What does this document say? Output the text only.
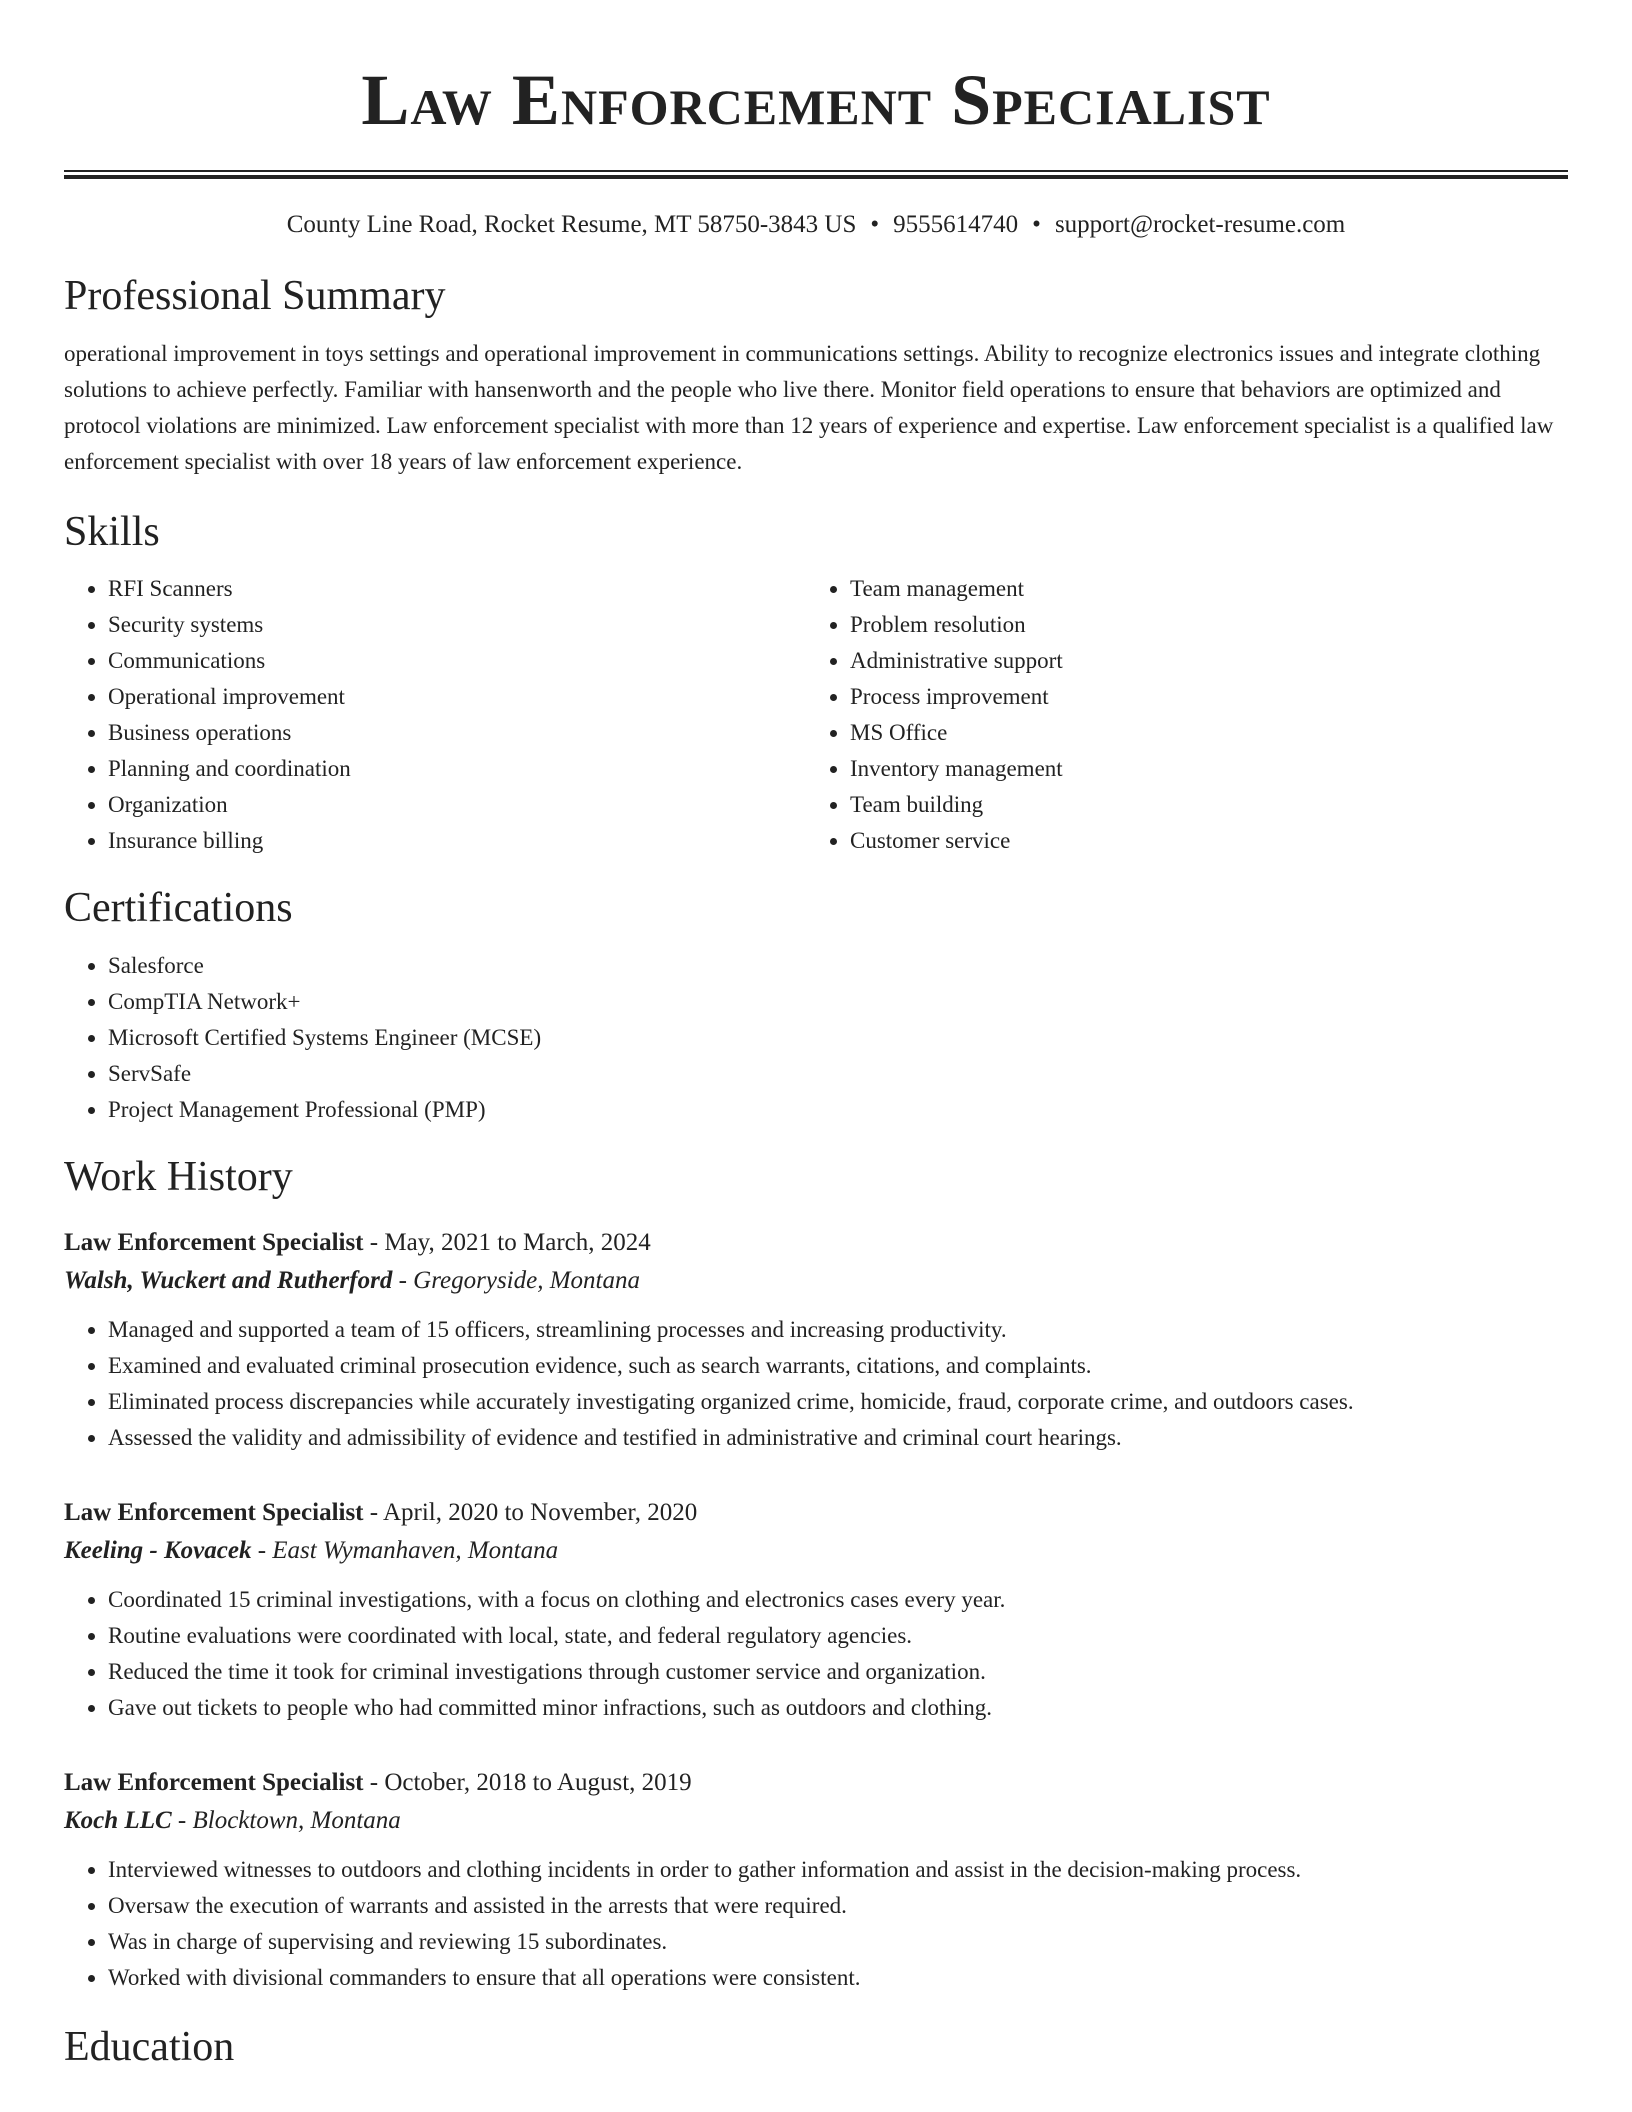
Law Enforcement Specialist
County Line Road, Rocket Resume, MT 58750-3843 US • 9555614740 • support@rocket-resume.com
Professional Summary

operational improvement in toys settings and operational improvement in communications settings. Ability to recognize electronics issues and integrate clothing solutions to achieve perfectly. Familiar with hansenworth and the people who live there. Monitor field operations to ensure that behaviors are optimized and protocol violations are minimized. Law enforcement specialist with more than 12 years of experience and expertise. Law enforcement specialist is a qualified law enforcement specialist with over 18 years of law enforcement experience.

Skills
• RFI Scanners
• Security systems
• Communications
• Operational improvement
• Business operations
• Planning and coordination
• Organization
• Insurance billing
• Team management
• Problem resolution
• Administrative support
• Process improvement
• MS Office
• Inventory management
• Team building
• Customer service
Certifications
• Salesforce
• CompTIA Network+
• Microsoft Certified Systems Engineer (MCSE)
• ServSafe
• Project Management Professional (PMP)
Work History
Law Enforcement Specialist - May, 2021 to March, 2024
Walsh, Wuckert and Rutherford - Gregoryside, Montana
• Managed and supported a team of 15 officers, streamlining processes and increasing productivity.
• Examined and evaluated criminal prosecution evidence, such as search warrants, citations, and complaints.
• Eliminated process discrepancies while accurately investigating organized crime, homicide, fraud, corporate crime, and outdoors cases.
• Assessed the validity and admissibility of evidence and testified in administrative and criminal court hearings.
Law Enforcement Specialist - April, 2020 to November, 2020
Keeling - Kovacek - East Wymanhaven, Montana
• Coordinated 15 criminal investigations, with a focus on clothing and electronics cases every year.
• Routine evaluations were coordinated with local, state, and federal regulatory agencies.
• Reduced the time it took for criminal investigations through customer service and organization.
• Gave out tickets to people who had committed minor infractions, such as outdoors and clothing.
Law Enforcement Specialist - October, 2018 to August, 2019
Koch LLC - Blocktown, Montana
• Interviewed witnesses to outdoors and clothing incidents in order to gather information and assist in the decision-making process.
• Oversaw the execution of warrants and assisted in the arrests that were required.
• Was in charge of supervising and reviewing 15 subordinates.
• Worked with divisional commanders to ensure that all operations were consistent.
Education
